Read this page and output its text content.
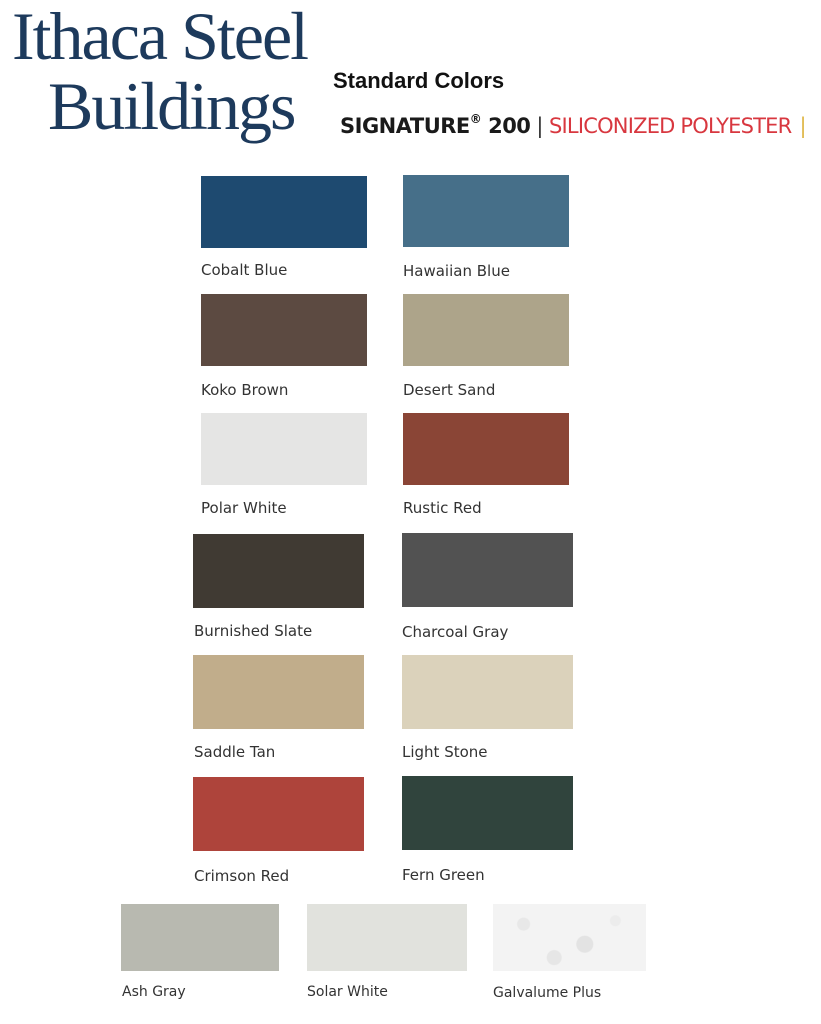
Ithaca Steel
Buildings Standard Colors
SIGNATURE® 200 | SILICONIZED POLYESTER |
Cobalt Blue	Hawaiian Blue
Koko Brown	Desert Sand
Polar White	Rustic Red
Burnished Slate	Charcoal Gray
Saddle Tan	Light Stone
Crimson Red	Fern Green
Ash Gray	Solar White	Galvalume Plus
